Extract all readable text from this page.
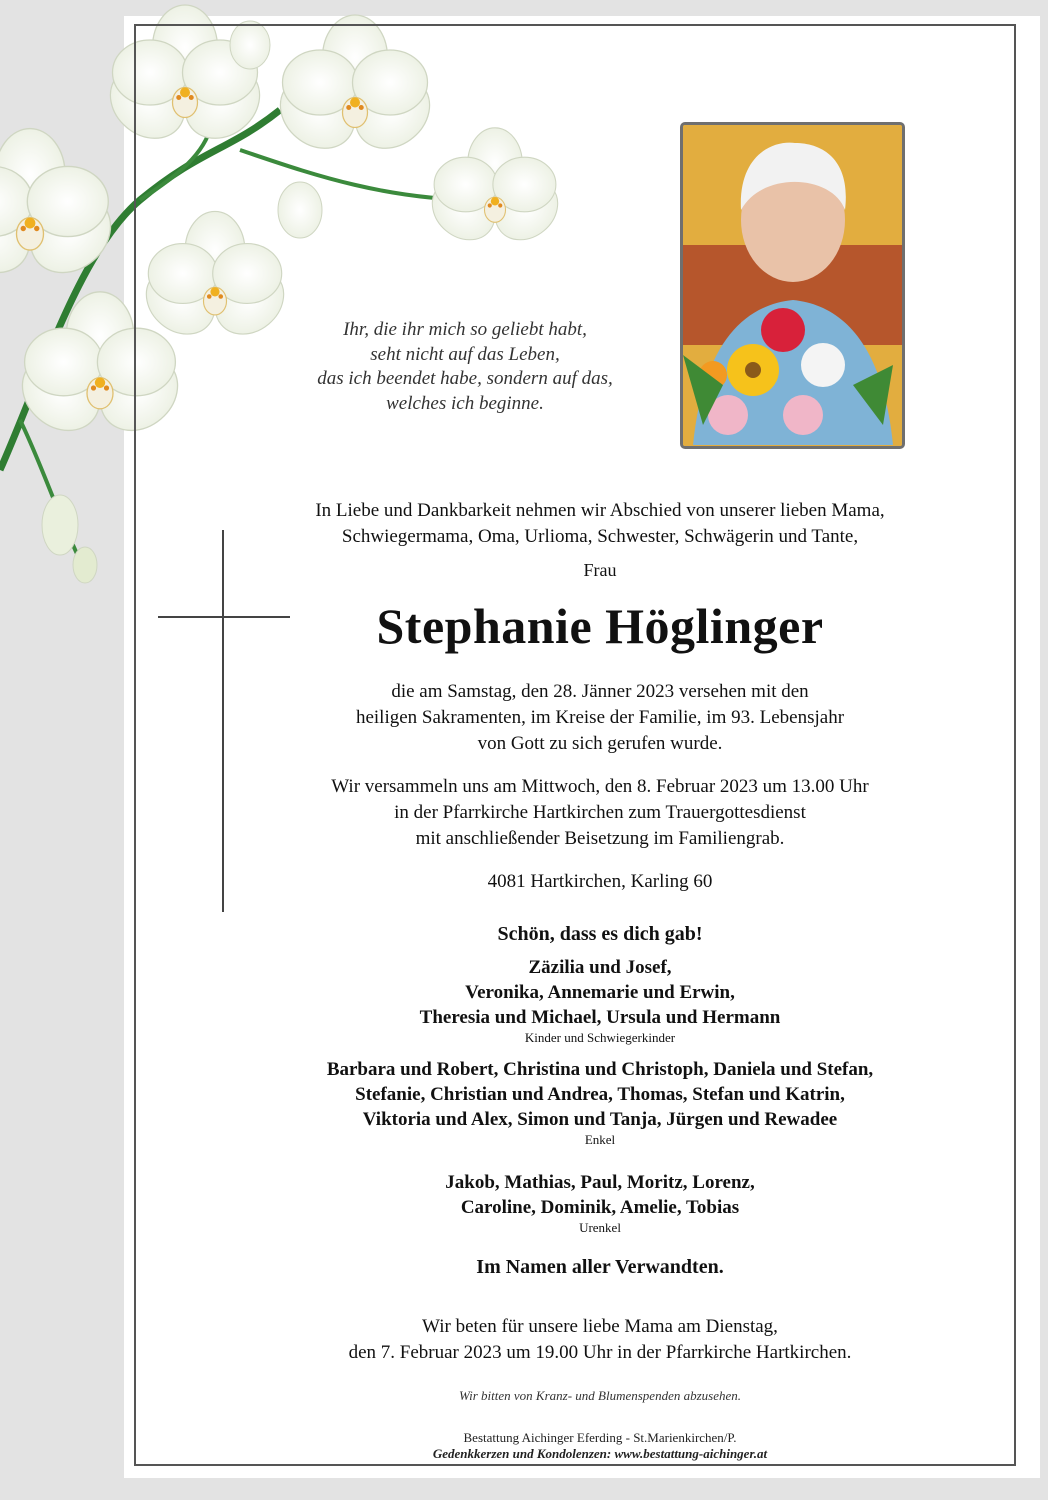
Ihr, die ihr mich so geliebt habt,
seht nicht auf das Leben,
das ich beendet habe, sondern auf das,
welches ich beginne.
In Liebe und Dankbarkeit nehmen wir Abschied von unserer lieben Mama,
Schwiegermama, Oma, Urlioma, Schwester, Schwägerin und Tante,
Frau
Stephanie Höglinger
die am Samstag, den 28. Jänner 2023 versehen mit den
heiligen Sakramenten, im Kreise der Familie, im 93. Lebensjahr
von Gott zu sich gerufen wurde.
Wir versammeln uns am Mittwoch, den 8. Februar 2023 um 13.00 Uhr
in der Pfarrkirche Hartkirchen zum Trauergottesdienst
mit anschließender Beisetzung im Familiengrab.
4081 Hartkirchen, Karling 60
Schön, dass es dich gab!
Zäzilia und Josef,
Veronika, Annemarie und Erwin,
Theresia und Michael, Ursula und Hermann
Kinder und Schwiegerkinder
Barbara und Robert, Christina und Christoph, Daniela und Stefan,
Stefanie, Christian und Andrea, Thomas, Stefan und Katrin,
Viktoria und Alex, Simon und Tanja, Jürgen und Rewadee
Enkel
Jakob, Mathias, Paul, Moritz, Lorenz,
Caroline, Dominik, Amelie, Tobias
Urenkel
Im Namen aller Verwandten.
Wir beten für unsere liebe Mama am Dienstag,
den 7. Februar 2023 um 19.00 Uhr in der Pfarrkirche Hartkirchen.
Wir bitten von Kranz- und Blumenspenden abzusehen.
Bestattung Aichinger Eferding - St.Marienkirchen/P.
Gedenkkerzen und Kondolenzen: www.bestattung-aichinger.at
